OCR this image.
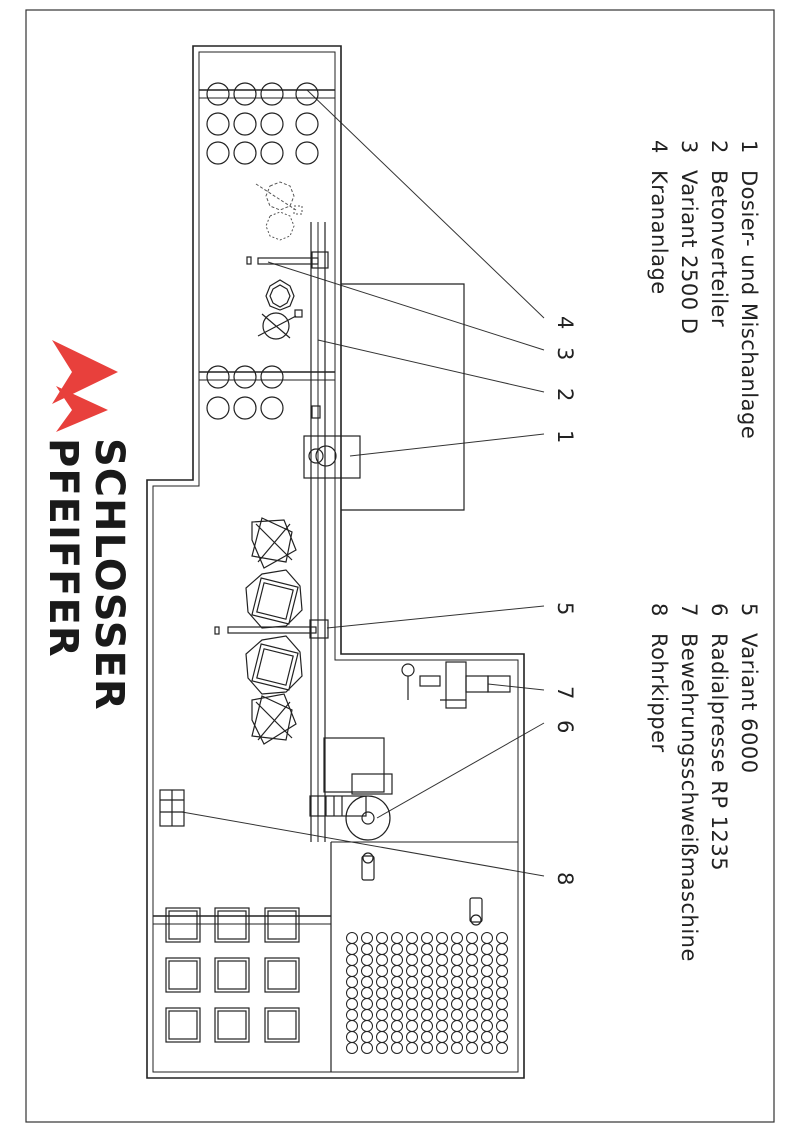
1
Dosier- und Mischanlage
2
Betonverteiler
3
Variant 2500 D
4
Krananlage
5
Variant 6000
6
Radialpresse RP 1235
7
Bewehrungsschweißmaschine
8
Rohrkipper
4
3
2
1
5
7
6
8
SCHLOSSER
PFEIFFER
